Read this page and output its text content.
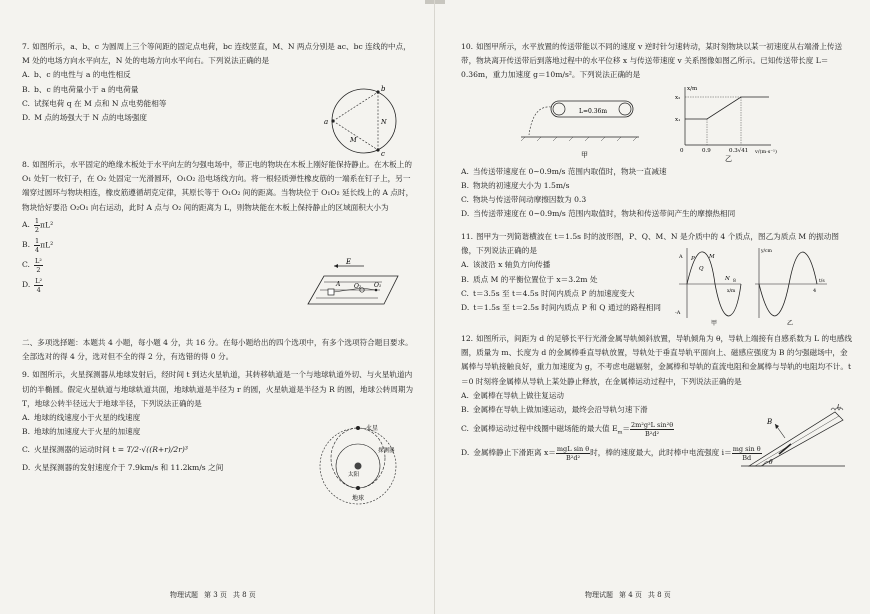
7. 如图所示，a、b、c 为圆周上三个等间距的固定点电荷，bc 连线竖直，M、N 两点分别是 ac、bc 连线的中点，M 处的电场方向水平向左，N 处的电场方向水平向右。下列说法正确的是

A. b、c 的电性与 a 的电性相反

B. b、c 的电荷量小于 a 的电荷量

C. 试探电荷 q 在 M 点和 N 点电势能相等

D. M 点的场强大于 N 点的电场强度	a
b
c
M
N

8. 如图所示，水平固定的绝缘木板处于水平向左的匀强电场中，带正电的物块在木板上刚好能保持静止。在木板上的 O₁ 处钉一枚钉子，在 O₂ 处固定一光滑圆环，O₁O₂ 沿电场线方向。将一根轻质弹性橡皮筋的一端系在钉子上，另一端穿过圆环与物块相连，橡皮筋遵循胡克定律，其原长等于 O₁O₂ 间的距离。当物块位于 O₁O₂ 延长线上的 A 点时，物块恰好要沿 O₂O₁ 向右运动，此时 A 点与 O₂ 间的距离为 L，则物块能在木板上保持静止的区域面积大小为

A. $\frac{1}{2} \pi L^2$

B. $\frac{1}{4} \pi L^2$

C. $\frac{\text{L²}}{2}$

D. $\frac{\text{L²}}{4}$

E
O₂ O₁
A

二、多项选择题：本题共 4 小题，每小题 4 分，共 16 分。在每小题给出的四个选项中，有多个选项符合题目要求。全部选对的得 4 分，选对但不全的得 2 分，有选错的得 0 分。

9. 如图所示，火星探测器从地球发射后，经时间 t 到达火星轨道，其转移轨道是一个与地球轨道外切、与火星轨道内切的半椭圆。假定火星轨道与地球轨道共面，地球轨道是半径为 r 的圆，火星轨道是半径为 R 的圆，地球公转周期为 T，地球公转半径远大于地球半径，下列说法正确的是

A. 地球的线速度小于火星的线速度

B. 地球的加速度大于火星的加速度

C. 火星探测器的运动时间 t = T/2·√((R+r)/2r)³

D. 火星探测器的发射速度介于 7.9km/s 和 11.2km/s 之间

火星
探测器
太阳
地球
物理试题 第 3 页 共 8 页

10. 如图甲所示，水平放置的传送带能以不同的速度 v 逆时针匀速转动，某时刻物块以某一初速度从右端滑上传送带，物块离开传送带后到落地过程中的水平位移 x 与传送带速度 v 关系图像如图乙所示。已知传送带长度 L＝0.36m，重力加速度 g＝10m/s²。下列说法正确的是

L=0.36m
甲
x/m
v/(m·s⁻¹)
0	0.9	0.3√41
x₂
x₁
乙

A. 当传送带速度在 0~0.9m/s 范围内取值时，物块一直减速

B. 物块的初速度大小为 1.5m/s

C. 物块与传送带间动摩擦因数为 0.3

D. 当传送带速度在 0~0.9m/s 范围内取值时，物块和传送带间产生的摩擦热相同

11. 图甲为一列简谐横波在 t＝1.5s 时的波形图，P、Q、M、N 是介质中的 4 个质点，图乙为质点 M 的振动图像，下列说法正确的是

A. 该波沿 x 轴负方向传播

B. 质点 M 的平衡位置位于 x＝3.2m 处

C. t＝3.5s 至 t＝4.5s 时间内质点 P 的加速度变大

D. t＝1.5s 至 t＝2.5s 时间内质点 P 和 Q 通过的路程相同

A
-A
P
Q
M
N
x/m
8
甲
y/cm
4
t/s
乙

12. 如图所示，间距为 d 的足够长平行光滑金属导轨倾斜放置，导轨倾角为 θ，导轨上端接有自感系数为 L 的电感线圈，质量为 m、长度为 d 的金属棒垂直导轨放置，导轨处于垂直导轨平面向上、磁感应强度为 B 的匀强磁场中，金属棒与导轨接触良好，重力加速度为 g，不考虑电磁辐射，金属棒和导轨的直流电阻和金属棒与导轨的电阻均不计。t＝0 时刻将金属棒从导轨上某处静止释放，在金属棒运动过程中，下列说法正确的是

A. 金属棒在导轨上做往复运动

B. 金属棒在导轨上做加速运动，最终会沿导轨匀速下滑

C. 金属棒运动过程中线圈中磁场能的最大值 $E_m= \frac{\text{2m²g²L sin²θ}}{\text{B²d²}}$

D. 金属棒静止下滑距离 $x= \frac{\text{mgL sin θ}}{\text{B²d²}}$ 时，棒的速度最大，此时棒中电流强度 $i= \frac{\text{mg sin θ}}{Bd}$

B
L
θ
物理试题 第 4 页 共 8 页
